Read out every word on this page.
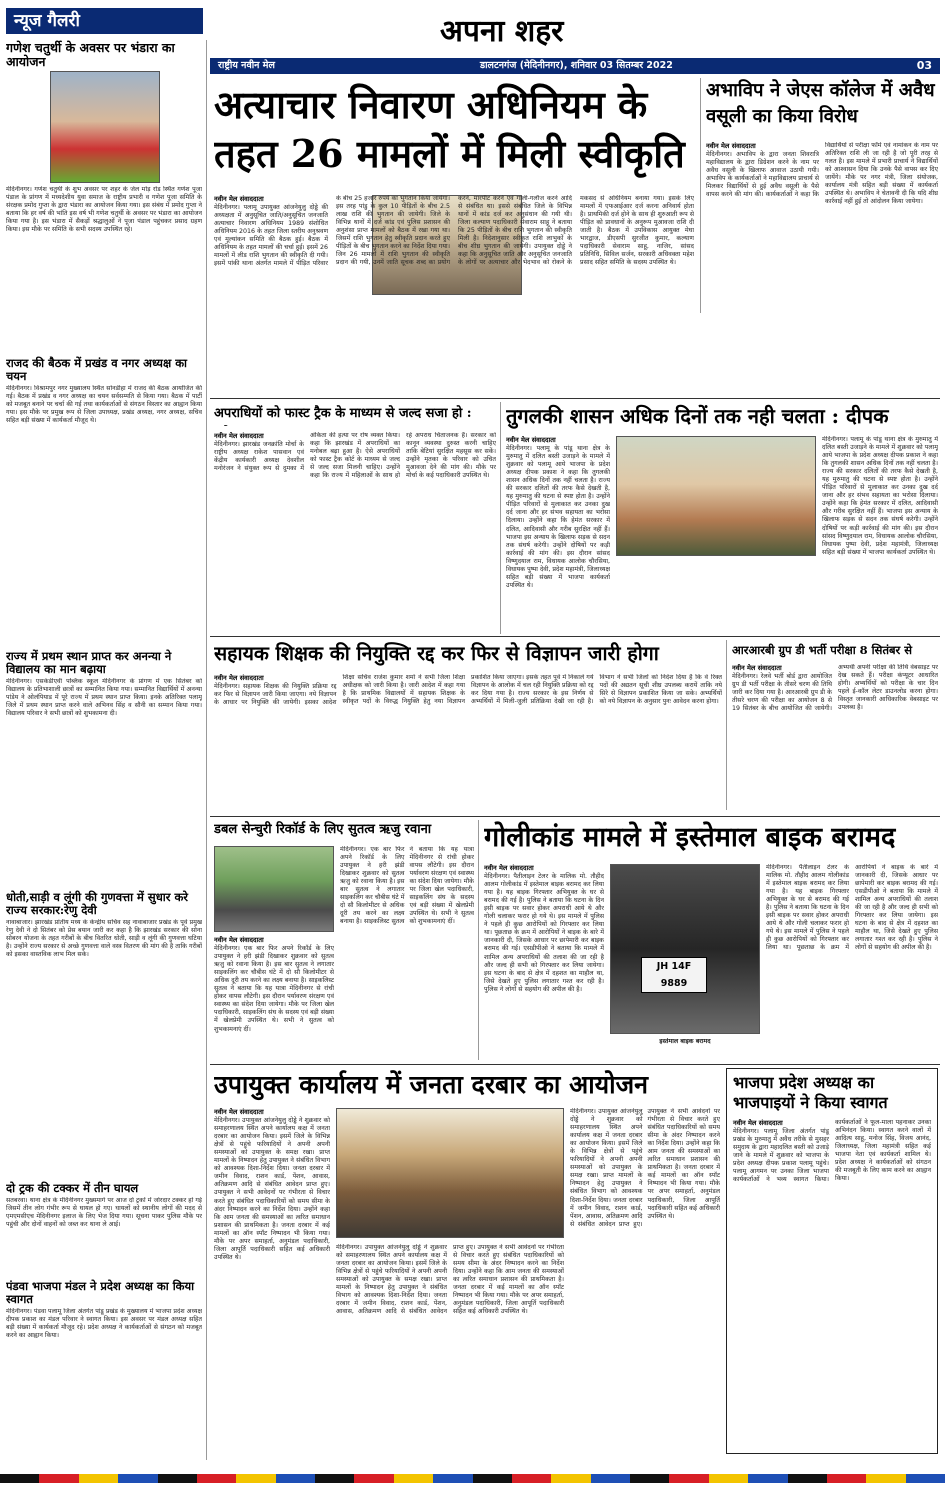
न्यूज गैलरी	अपना शहर
राष्ट्रीय नवीन मेल	डालटनगंज (मेदिनीनगर), शनिवार 03 सितम्बर 2022	03
गणेश चतुर्थी के अवसर पर भंडारा का आयोजन
मेदिनीनगर। गणेश चतुर्थी के शुभ अवसर पर शहर के जेल मोड़ रोड स्थित गणेश पूजा पंडाल के प्रांगण में मध्यदेशीय युवा समाज के राष्ट्रीय प्रभारी व गणेश पूजा समिति के संरक्षक प्रमोद गुप्ता के द्वारा भंडारा का आयोजन किया गया। इस संबंध में प्रमोद गुप्ता ने बताया कि हर वर्ष की भांति इस वर्ष भी गणेश चतुर्थी के अवसर पर भंडारा का आयोजन किया गया है। इस भंडारा में सैकड़ों श्रद्धालुओं ने पूजा पंडाल पहुंचकर प्रसाद ग्रहण किया। इस मौके पर समिति के सभी सदस्य उपस्थित रहे।
राजद की बैठक में प्रखंड व नगर अध्यक्ष का चयन
मेदिनीनगर। विश्रामपुर नगर मुख्यालय स्थित सोनडीहा में राजद की बैठक आयोजित की गई। बैठक में प्रखंड व नगर अध्यक्ष का चयन सर्वसम्मति से किया गया। बैठक में पार्टी को मजबूत बनाने पर चर्चा की गई तथा कार्यकर्ताओं से संगठन विस्तार का आह्वान किया गया। इस मौके पर प्रमुख रूप से जिला उपाध्यक्ष, प्रखंड अध्यक्ष, नगर अध्यक्ष, सचिव सहित बड़ी संख्या में कार्यकर्ता मौजूद थे।
राज्य में प्रथम स्थान प्राप्त कर अनन्या ने विद्यालय का मान बढ़ाया
मेदिनीनगर। एसकेडीएवी पब्लिक स्कूल मेदिनीनगर के प्रांगण में एक सितंबर को विद्यालय के प्रतिभाशाली छात्रों का सम्मानित किया गया। सम्मानित विद्यार्थियों में अनन्या पांडेय ने ओलंपियाड में पूरे राज्य में प्रथम स्थान प्राप्त किया। इनके अतिरिक्त पलामू जिले में प्रथम स्थान प्राप्त करने वाले अभिनव सिंह व सौनी का सम्मान किया गया। विद्यालय परिवार ने सभी छात्रों को शुभकामना दी।
धोती,साड़ी व लूंगी की गुणवत्ता में सुधार करे राज्य सरकार:रेणु देवी
नावाबाजार। झारखंड प्रांतीय मध्य के केन्द्रीय सचिव सह नावाबाजार प्रखंड के पूर्व प्रमुख रेणु देवी ने दो सितंबर को प्रेस बयान जारी कर कहा है कि झारखंड सरकार की सोना सोबरन योजना के तहत गरीबों के बीच वितरित धोती, साड़ी व लूंगी की गुणवत्ता घटिया है। उन्होंने राज्य सरकार से अच्छे गुणवत्ता वाले वस्त्र वितरण की मांग की है ताकि गरीबों को इसका वास्तविक लाभ मिल सके।
दो ट्रक की टक्कर में तीन घायल
सतबरवा। थाना क्षेत्र के मेदिनीनगर मुख्यमार्ग पर आज दो ट्रकों में जोरदार टक्कर हो गई जिसमें तीन लोग गंभीर रूप से घायल हो गए। घायलों को स्थानीय लोगों की मदद से एमएमसीएच मेदिनीनगर इलाज के लिए भेज दिया गया। सूचना पाकर पुलिस मौके पर पहुंची और दोनों वाहनों को जब्त कर थाना ले आई।
पंडवा भाजपा मंडल ने प्रदेश अध्यक्ष का किया स्वागत
मेदिनीनगर। पंडवा पलामू जिला अंतर्गत पांडू प्रखंड के मुख्यालय में भाजपा प्रदेश अध्यक्ष दीपक प्रकाश का मंडल परिवार ने स्वागत किया। इस अवसर पर मंडल अध्यक्ष सहित बड़ी संख्या में कार्यकर्ता मौजूद रहे। प्रदेश अध्यक्ष ने कार्यकर्ताओं से संगठन को मजबूत करने का आह्वान किया।
अत्याचार निवारण अधिनियम के तहत 26 मामलों में मिली स्वीकृति
नवीन मेल संवाददाता
मेदिनीनगर। पलामू उपायुक्त आंजनेयुलु दोड्डे की अध्यक्षता में अनुसूचित जाति/अनुसूचित जनजाति अत्याचार निवारण अधिनियम 1989 संशोधित अधिनियम 2016 के तहत जिला स्तरीय अनुश्रवण एवं मूल्यांकन समिति की बैठक हुई। बैठक में अधिनियम के तहत मामलों की चर्चा हुई। इसमें 26 मामलों में लीड राशि भुगतान की स्वीकृति दी गयी। इसमें पांकी थाना अंतर्गत मामले में पीड़ित परिवार के बीच 25 हजार रुपये का भुगतान किया जायेगा। इस तरह पांडु के कुल 10 पीड़ितों के बीच 2.5 लाख राशि की भुगतान की जायेगी। जिले के विभिन्न थानों में दर्ज कांड एवं पुलिस प्रशासन की अनुशंसा प्राप्त मामलों को बैठक में रखा गया था। जिसमें राशि भुगतान हेतु स्वीकृति प्रदान करते हुए पीड़ितों के बीच भुगतान करने का निर्देश दिया गया। जिन 26 मामलों में राशि भुगतान की स्वीकृति प्रदान की गयी, उनमें जाति सूचक शब्द का प्रयोग करने, मारपीट करने एवं गाली-गलौज करने आदि से संबंधित था। इससे संबंधित जिले के विभिन्न थानों में कांड दर्ज कर अनुसंधान की गयी थी। जिला कल्याण पदाधिकारी सेवाराम साहू ने बताया कि 25 पीड़ितों के बीच राशि भुगतान की स्वीकृति मिली है। निदेशानुसार स्वीकृत राशि लाभुकों के बीच शीघ्र भुगतान की जायेगी। उपायुक्त दोड्डे ने कहा कि अनुसूचित जाति और अनुसूचित जनजाति के लोगों पर अत्याचार और भेदभाव को रोकने के मकसद से अधिनियम बनाया गया। इसके लिए मामलों में एफआईआर दर्ज करना अनिवार्य होता है। प्राथमिकी दर्ज होने के साथ ही शुरुआती रूप से पीड़ित को प्रावधानों के अनुरूप मुआवजा राशि दी जाती है। बैठक में उपविकास आयुक्त मेघा भारद्वाज, डीएसपी सुरजीत कुमार, कल्याण पदाधिकारी सेवाराम साहू, नाजिर, सांसद प्रतिनिधि, सिविल सर्जन, सरकारी अधिवक्ता महेश प्रसाद सहित समिति के सदस्य उपस्थित थे।
अभाविप ने जेएस कॉलेज में अवैध वसूली का किया विरोध
नवीन मेल संवाददाता
मेदिनीनगर। अभाविप के द्वारा जनता शिवरात्रि महाविद्यालय के द्वारा डिग्रेशन करने के नाम पर अवैध वसूली के खिलाफ आवाज उठायी गयी। अभाविप के कार्यकर्ताओं ने महाविद्यालय प्राचार्य से मिलकर विद्यार्थियों से हुई अवैध वसूली के पैसे वापस करने की मांग की। कार्यकर्ताओं ने कहा कि विद्यार्थियों से परीक्षा फॉर्म एवं नामांकन के नाम पर अतिरिक्त राशि ली जा रही है जो पूरी तरह से गलत है। इस मामले में प्रभारी प्राचार्य ने विद्यार्थियों को आश्वासन दिया कि उनके पैसे वापस कर दिए जायेंगे। मौके पर नगर मंत्री, जिला संयोजक, कार्यालय मंत्री सहित बड़ी संख्या में कार्यकर्ता उपस्थित थे। अभाविप ने चेतावनी दी कि यदि शीघ्र कार्रवाई नहीं हुई तो आंदोलन किया जायेगा।
अपराधियों को फास्ट ट्रैक के माध्यम से जल्द सजा हो :
नवीन मेल संवाददाता
मेदिनीनगर। झारखंड जनक्रांति मोर्चा के राष्ट्रीय अध्यक्ष राकेश पासवान एवं केंद्रीय कार्यकारी अध्यक्ष देवशील मनोरंजन ने संयुक्त रूप से दुमका में अंकिता की हत्या पर रोष व्यक्त किया। कहा कि झारखंड में अपराधियों का मनोबल बढ़ा हुआ है। ऐसे अपराधियों को फास्ट ट्रैक कोर्ट के माध्यम से जल्द से जल्द सजा मिलनी चाहिए। उन्होंने कहा कि राज्य में महिलाओं के साथ हो रहे अपराध चिंताजनक हैं। सरकार को कानून व्यवस्था दुरुस्त करनी चाहिए ताकि बेटियां सुरक्षित महसूस कर सकें। उन्होंने मृतका के परिवार को उचित मुआवजा देने की मांग की। मौके पर मोर्चा के कई पदाधिकारी उपस्थित थे।
तुगलकी शासन अधिक दिनों तक नही चलता : दीपक
नवीन मेल संवाददाता
मेदिनीनगर। पलामू के पांडू थाना क्षेत्र के मुरुमातु में दलित बस्ती उजाड़ने के मामले में शुक्रवार को पलामू आये भाजपा के प्रदेश अध्यक्ष दीपक प्रकाश ने कहा कि तुगलकी शासन अधिक दिनों तक नहीं चलता है। राज्य की सरकार दलितों की तरफ कैसे देखती है, यह मुरुमातु की घटना से स्पष्ट होता है। उन्होंने पीड़ित परिवारों से मुलाकात कर उनका दुख दर्द जाना और हर संभव सहायता का भरोसा दिलाया। उन्होंने कहा कि हेमंत सरकार में दलित, आदिवासी और गरीब सुरक्षित नहीं हैं। भाजपा इस अन्याय के खिलाफ सड़क से सदन तक संघर्ष करेगी। उन्होंने दोषियों पर कड़ी कार्रवाई की मांग की। इस दौरान सांसद विष्णुदयाल राम, विधायक आलोक चौरसिया, विधायक पुष्पा देवी, प्रदेश महामंत्री, जिलाध्यक्ष सहित बड़ी संख्या में भाजपा कार्यकर्ता उपस्थित थे।
मेदिनीनगर। पलामू के पांडू थाना क्षेत्र के मुरुमातु में दलित बस्ती उजाड़ने के मामले में शुक्रवार को पलामू आये भाजपा के प्रदेश अध्यक्ष दीपक प्रकाश ने कहा कि तुगलकी शासन अधिक दिनों तक नहीं चलता है। राज्य की सरकार दलितों की तरफ कैसे देखती है, यह मुरुमातु की घटना से स्पष्ट होता है। उन्होंने पीड़ित परिवारों से मुलाकात कर उनका दुख दर्द जाना और हर संभव सहायता का भरोसा दिलाया। उन्होंने कहा कि हेमंत सरकार में दलित, आदिवासी और गरीब सुरक्षित नहीं हैं। भाजपा इस अन्याय के खिलाफ सड़क से सदन तक संघर्ष करेगी। उन्होंने दोषियों पर कड़ी कार्रवाई की मांग की। इस दौरान सांसद विष्णुदयाल राम, विधायक आलोक चौरसिया, विधायक पुष्पा देवी, प्रदेश महामंत्री, जिलाध्यक्ष सहित बड़ी संख्या में भाजपा कार्यकर्ता उपस्थित थे।
सहायक शिक्षक की नियुक्ति रद्द कर फिर से विज्ञापन जारी होगा
नवीन मेल संवाददाता
मेदिनीनगर। सहायक शिक्षक की नियुक्ति प्रक्रिया रद्द कर फिर से विज्ञापन जारी किया जाएगा। नये विज्ञापन के आधार पर नियुक्ति की जायेगी। इसका आदेश शिक्षा सचिव राजेश कुमार शर्मा ने सभी जिला शिक्षा अधीक्षक को जारी किया है। जारी आदेश में कहा गया है कि प्राथमिक विद्यालयों में सहायक शिक्षक के स्वीकृत पदों के विरुद्ध नियुक्ति हेतु नया विज्ञापन प्रकाशित किया जाएगा। इसके तहत पूर्व में निकाले गये विज्ञापन के आलोक में चल रही नियुक्ति प्रक्रिया को रद्द कर दिया गया है। राज्य सरकार के इस निर्णय से अभ्यर्थियों में मिली-जुली प्रतिक्रिया देखी जा रही है। विभाग ने सभी जिलों को निर्देश दिया है कि वे रिक्त पदों की अद्यतन सूची शीघ्र उपलब्ध करायें ताकि नये सिरे से विज्ञापन प्रकाशित किया जा सके। अभ्यर्थियों को नये विज्ञापन के अनुसार पुनः आवेदन करना होगा।
आरआरबी ग्रुप डी भर्ती परीक्षा 8 सितंबर से
नवीन मेल संवाददाता
मेदिनीनगर। रेलवे भर्ती बोर्ड द्वारा आयोजित ग्रुप डी भर्ती परीक्षा के तीसरे चरण की तिथि जारी कर दिया गया है। आरआरबी ग्रुप डी के तीसरे चरण की परीक्षा का आयोजन 8 से 19 सितंबर के बीच आयोजित की जायेगी। अभ्यर्थी अपनी परीक्षा की तिथि वेबसाइट पर देख सकते हैं। परीक्षा कंप्यूटर आधारित होगी। अभ्यर्थियों को परीक्षा के चार दिन पहले ई-कॉल लेटर डाउनलोड करना होगा। विस्तृत जानकारी आधिकारिक वेबसाइट पर उपलब्ध है।
डबल सेन्चुरी रिकॉर्ड के लिए सुतत्व ऋजु रवाना
मेदिनीनगर। एक बार फिर अपने रिकॉर्ड के लिए उपायुक्त ने हरी झंडी दिखाकर शुक्रवार को सुतत्व ऋजु को रवाना किया है। इस बार सुतत्व ने लगातार साइकलिंग कर चौबीस घंटे में दो सौ किलोमीटर से अधिक दूरी तय करने का लक्ष्य बनाया है। साइकलिस्ट सुतत्व ने बताया कि यह यात्रा मेदिनीनगर से रांची होकर वापस लौटेगी। इस दौरान पर्यावरण संरक्षण एवं स्वास्थ्य का संदेश दिया जायेगा। मौके पर जिला खेल पदाधिकारी, साइकलिंग संघ के सदस्य एवं बड़ी संख्या में खेलप्रेमी उपस्थित थे। सभी ने सुतत्व को शुभकामनाएं दीं।
नवीन मेल संवाददाता
मेदिनीनगर। एक बार फिर अपने रिकॉर्ड के लिए उपायुक्त ने हरी झंडी दिखाकर शुक्रवार को सुतत्व ऋजु को रवाना किया है। इस बार सुतत्व ने लगातार साइकलिंग कर चौबीस घंटे में दो सौ किलोमीटर से अधिक दूरी तय करने का लक्ष्य बनाया है। साइकलिस्ट सुतत्व ने बताया कि यह यात्रा मेदिनीनगर से रांची होकर वापस लौटेगी। इस दौरान पर्यावरण संरक्षण एवं स्वास्थ्य का संदेश दिया जायेगा। मौके पर जिला खेल पदाधिकारी, साइकलिंग संघ के सदस्य एवं बड़ी संख्या में खेलप्रेमी उपस्थित थे। सभी ने सुतत्व को शुभकामनाएं दीं।
गोलीकांड मामले में इस्तेमाल बाइक बरामद
नवीन मेल संवाददाता
मेदिनीनगर। पैतीलाइन टेलर के मालिक मो. तौहीद आलम गोलीकांड में इस्तेमाल बाइक बरामद कर लिया गया है। यह बाइक गिरफ्तार अभियुक्त के घर से बरामद की गई है। पुलिस ने बताया कि घटना के दिन इसी बाइक पर सवार होकर अपराधी आये थे और गोली चलाकर फरार हो गये थे। इस मामले में पुलिस ने पहले ही कुछ आरोपियों को गिरफ्तार कर लिया था। पूछताछ के क्रम में आरोपियों ने बाइक के बारे में जानकारी दी, जिसके आधार पर छापेमारी कर बाइक बरामद की गई। एसडीपीओ ने बताया कि मामले में शामिल अन्य अपराधियों की तलाश की जा रही है और जल्द ही सभी को गिरफ्तार कर लिया जायेगा। इस घटना के बाद से क्षेत्र में दहशत का माहौल था, जिसे देखते हुए पुलिस लगातार गश्त कर रही है। पुलिस ने लोगों से सहयोग की अपील की है।
JH 14F
9889
इस्तेमाल बाइक बरामद
मेदिनीनगर। पैतीलाइन टेलर के मालिक मो. तौहीद आलम गोलीकांड में इस्तेमाल बाइक बरामद कर लिया गया है। यह बाइक गिरफ्तार अभियुक्त के घर से बरामद की गई है। पुलिस ने बताया कि घटना के दिन इसी बाइक पर सवार होकर अपराधी आये थे और गोली चलाकर फरार हो गये थे। इस मामले में पुलिस ने पहले ही कुछ आरोपियों को गिरफ्तार कर लिया था। पूछताछ के क्रम में आरोपियों ने बाइक के बारे में जानकारी दी, जिसके आधार पर छापेमारी कर बाइक बरामद की गई। एसडीपीओ ने बताया कि मामले में शामिल अन्य अपराधियों की तलाश की जा रही है और जल्द ही सभी को गिरफ्तार कर लिया जायेगा। इस घटना के बाद से क्षेत्र में दहशत का माहौल था, जिसे देखते हुए पुलिस लगातार गश्त कर रही है। पुलिस ने लोगों से सहयोग की अपील की है।
उपायुक्त कार्यालय में जनता दरबार का आयोजन
नवीन मेल संवाददाता
मेदिनीनगर। उपायुक्त आंजनेयुलु दोड्डे ने शुक्रवार को समाहरणालय स्थित अपने कार्यालय कक्ष में जनता दरबार का आयोजन किया। इसमें जिले के विभिन्न क्षेत्रों से पहुंचे फरियादियों ने अपनी अपनी समस्याओं को उपायुक्त के समक्ष रखा। प्राप्त मामलों के निष्पादन हेतु उपायुक्त ने संबंधित विभाग को आवश्यक दिशा-निर्देश दिया। जनता दरबार में जमीन विवाद, राशन कार्ड, पेंशन, आवास, अतिक्रमण आदि से संबंधित आवेदन प्राप्त हुए। उपायुक्त ने सभी आवेदनों पर गंभीरता से विचार करते हुए संबंधित पदाधिकारियों को समय सीमा के अंदर निष्पादन करने का निर्देश दिया। उन्होंने कहा कि आम जनता की समस्याओं का त्वरित समाधान प्रशासन की प्राथमिकता है। जनता दरबार में कई मामलों का ऑन स्पॉट निष्पादन भी किया गया। मौके पर अपर समाहर्ता, अनुमंडल पदाधिकारी, जिला आपूर्ति पदाधिकारी सहित कई अधिकारी उपस्थित थे।
मेदिनीनगर। उपायुक्त आंजनेयुलु दोड्डे ने शुक्रवार को समाहरणालय स्थित अपने कार्यालय कक्ष में जनता दरबार का आयोजन किया। इसमें जिले के विभिन्न क्षेत्रों से पहुंचे फरियादियों ने अपनी अपनी समस्याओं को उपायुक्त के समक्ष रखा। प्राप्त मामलों के निष्पादन हेतु उपायुक्त ने संबंधित विभाग को आवश्यक दिशा-निर्देश दिया। जनता दरबार में जमीन विवाद, राशन कार्ड, पेंशन, आवास, अतिक्रमण आदि से संबंधित आवेदन प्राप्त हुए। उपायुक्त ने सभी आवेदनों पर गंभीरता से विचार करते हुए संबंधित पदाधिकारियों को समय सीमा के अंदर निष्पादन करने का निर्देश दिया। उन्होंने कहा कि आम जनता की समस्याओं का त्वरित समाधान प्रशासन की प्राथमिकता है। जनता दरबार में कई मामलों का ऑन स्पॉट निष्पादन भी किया गया। मौके पर अपर समाहर्ता, अनुमंडल पदाधिकारी, जिला आपूर्ति पदाधिकारी सहित कई अधिकारी उपस्थित थे।
मेदिनीनगर। उपायुक्त आंजनेयुलु दोड्डे ने शुक्रवार को समाहरणालय स्थित अपने कार्यालय कक्ष में जनता दरबार का आयोजन किया। इसमें जिले के विभिन्न क्षेत्रों से पहुंचे फरियादियों ने अपनी अपनी समस्याओं को उपायुक्त के समक्ष रखा। प्राप्त मामलों के निष्पादन हेतु उपायुक्त ने संबंधित विभाग को आवश्यक दिशा-निर्देश दिया। जनता दरबार में जमीन विवाद, राशन कार्ड, पेंशन, आवास, अतिक्रमण आदि से संबंधित आवेदन प्राप्त हुए। उपायुक्त ने सभी आवेदनों पर गंभीरता से विचार करते हुए संबंधित पदाधिकारियों को समय सीमा के अंदर निष्पादन करने का निर्देश दिया। उन्होंने कहा कि आम जनता की समस्याओं का त्वरित समाधान प्रशासन की प्राथमिकता है। जनता दरबार में कई मामलों का ऑन स्पॉट निष्पादन भी किया गया। मौके पर अपर समाहर्ता, अनुमंडल पदाधिकारी, जिला आपूर्ति पदाधिकारी सहित कई अधिकारी उपस्थित थे।
भाजपा प्रदेश अध्यक्ष का भाजपाइयों ने किया स्वागत
नवीन मेल संवाददाता
मेदिनीनगर। पलामू जिला अंतर्गत पांडू प्रखंड के मुरुमातु में अवैध तरीके से मुसहर समुदाय के द्वारा महादलित बस्ती को उजाड़े जाने के मामले में शुक्रवार को भाजपा के प्रदेश अध्यक्ष दीपक प्रकाश पलामू पहुंचे। पलामू आगमन पर उनका जिला भाजपा कार्यकर्ताओं ने भव्य स्वागत किया। कार्यकर्ताओं ने फूल-माला पहनाकर उनका अभिनंदन किया। स्वागत करने वालों में आदित्य साहू, मनोज सिंह, विजय आनंद, जिलाध्यक्ष, जिला महामंत्री सहित कई भाजपा नेता एवं कार्यकर्ता शामिल थे। प्रदेश अध्यक्ष ने कार्यकर्ताओं को संगठन की मजबूती के लिए काम करने का आह्वान किया।
